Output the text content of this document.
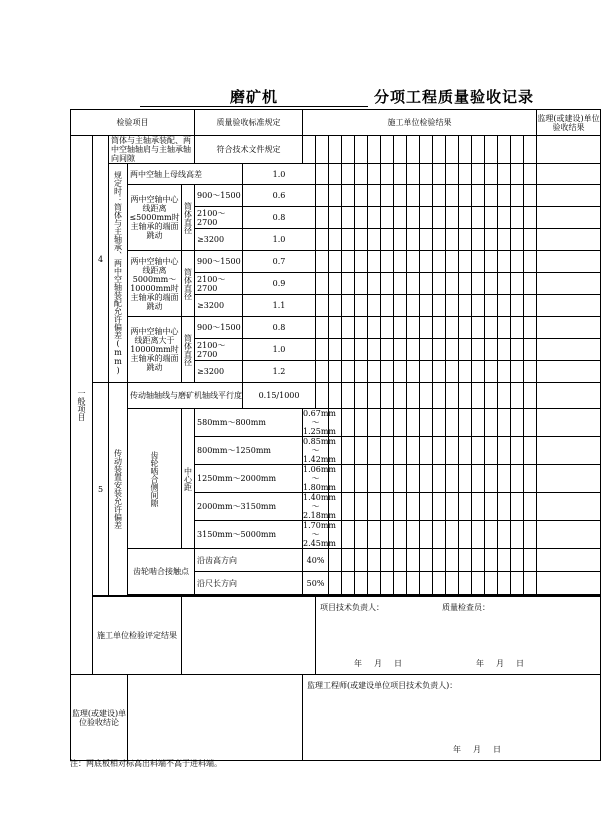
磨矿机	分项工程质量验收记录
检验项目					质量验收标准规定		施工单位检验结果																		监理(或建设)单位验收结果	
一般项目	4	筒体与主轴承装配、两中空轴轴肩与主轴承轴向间隙			符合技术文件规定																					
		规定时：筒体与主轴承、两中空轴装配允许偏差(mm)	两中空轴上母线高差			1.0																				
			两中空轴中心线距离≤5000mm时主轴承的端面跳动	筒体直径	900～1500	0.6																				
					2100～2700	0.8																				
					≥3200	1.0																				
			两中空轴中心线距离5000mm～10000mm时主轴承的端面跳动	筒体直径	900～1500	0.7																				
					2100～2700	0.9																				
					≥3200	1.1																				
			两中空轴中心线距离大于10000mm时主轴承的端面跳动	筒体直径	900～1500	0.8																				
					2100～2700	1.0																				
					≥3200	1.2																				
	5	传动装置安装允许偏差	传动轴轴线与磨矿机轴线平行度			0.15/1000																				
			齿轮啮合侧间隙	中心距	580mm～800mm		0.67mm～1.25mm																			
					800mm～1250mm		0.85mm～1.42mm																			
					1250mm～2000mm		1.06mm～1.80mm																			
					2000mm～3150mm		1.40mm～2.18mm																			
					3150mm～5000mm		1.70mm～2.45mm																			
			齿轮啮合接触点		沿齿高方向		40%																			
					沿尺长方向		50%																			

	施工单位检验评定结果							项目技术负责人： 质量检查员：
年　月　日 年　月　日																		

监理(或建设)单位验收结论							监理工程师(或建设单位项目技术负责人)：
年　月　日																			
注：两底板相对标高出料端不高于进料端。
